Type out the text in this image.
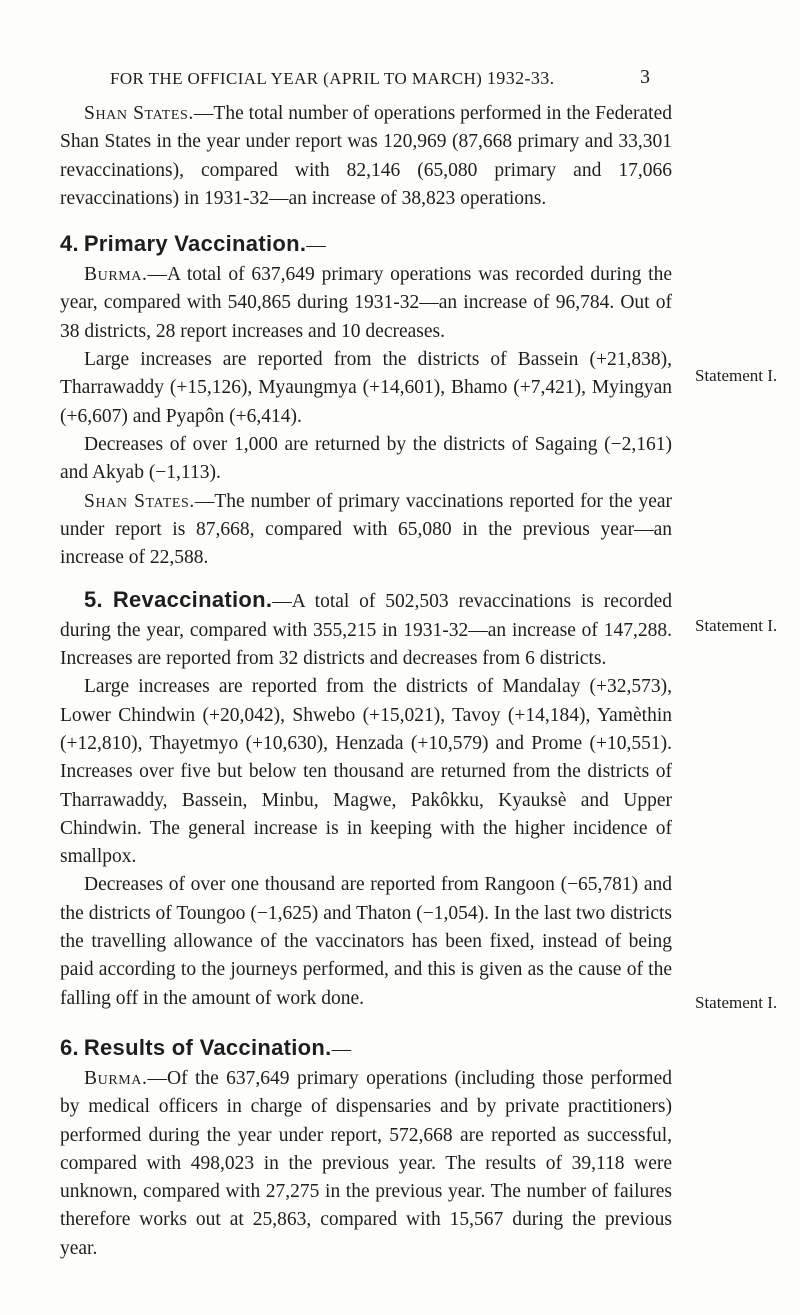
FOR THE OFFICIAL YEAR (APRIL TO MARCH) 1932-33.	3
Statement I.
Statement I.
Statement I.

Shan States.—The total number of operations performed in the Federated Shan States in the year under report was 120,969 (87,668 primary and 33,301 revaccinations), compared with 82,146 (65,080 primary and 17,066 revaccinations) in 1931-32—an increase of 38,823 operations.

4. Primary Vaccination.—

Burma.—A total of 637,649 primary operations was recorded during the year, compared with 540,865 during 1931-32—an increase of 96,784. Out of 38 districts, 28 report increases and 10 decreases.

Large increases are reported from the districts of Bassein (+21,838), Tharrawaddy (+15,126), Myaungmya (+14,601), Bhamo (+7,421), Myingyan (+6,607) and Pyapôn (+6,414).

Decreases of over 1,000 are returned by the districts of Sagaing (−2,161) and Akyab (−1,113).

Shan States.—The number of primary vaccinations reported for the year under report is 87,668, compared with 65,080 in the previous year—an increase of 22,588.

5. Revaccination.—A total of 502,503 revaccinations is recorded during the year, compared with 355,215 in 1931-32—an increase of 147,288. Increases are reported from 32 districts and decreases from 6 districts.

Large increases are reported from the districts of Mandalay (+32,573), Lower Chindwin (+20,042), Shwebo (+15,021), Tavoy (+14,184), Yamèthin (+12,810), Thayetmyo (+10,630), Henzada (+10,579) and Prome (+10,551). Increases over five but below ten thousand are returned from the districts of Tharrawaddy, Bassein, Minbu, Magwe, Pakôkku, Kyauksè and Upper Chindwin. The general increase is in keeping with the higher incidence of smallpox.

Decreases of over one thousand are reported from Rangoon (−65,781) and the districts of Toungoo (−1,625) and Thaton (−1,054). In the last two districts the travelling allowance of the vaccinators has been fixed, instead of being paid according to the journeys performed, and this is given as the cause of the falling off in the amount of work done.

6. Results of Vaccination.—

Burma.—Of the 637,649 primary operations (including those performed by medical officers in charge of dispensaries and by private practitioners) performed during the year under report, 572,668 are reported as successful, compared with 498,023 in the previous year. The results of 39,118 were unknown, compared with 27,275 in the previous year. The number of failures therefore works out at 25,863, compared with 15,567 during the previous year.
